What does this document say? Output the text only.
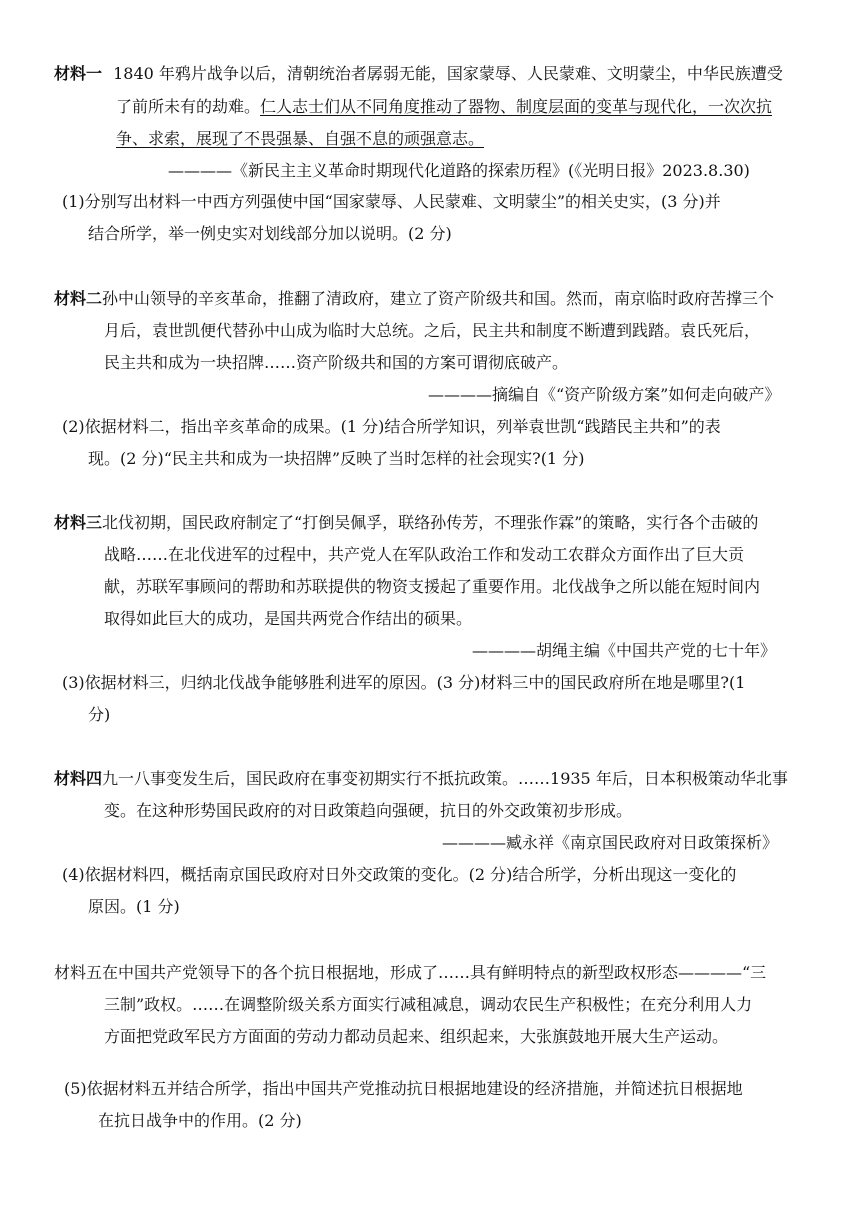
材料一 1840 年鸦片战争以后，清朝统治者孱弱无能，国家蒙辱、人民蒙难、文明蒙尘，中华民族遭受
了前所未有的劫难。仁人志士们从不同角度推动了器物、制度层面的变革与现代化，一次次抗
争、求索，展现了不畏强暴、自强不息的顽强意志。
————《新民主主义革命时期现代化道路的探索历程》(《光明日报》2023.8.30)
(1)分别写出材料一中西方列强使中国“国家蒙辱、人民蒙难、文明蒙尘”的相关史实，(3 分)并
结合所学，举一例史实对划线部分加以说明。(2 分)
材料二孙中山领导的辛亥革命，推翻了清政府，建立了资产阶级共和国。然而，南京临时政府苦撑三个
月后，袁世凯便代替孙中山成为临时大总统。之后，民主共和制度不断遭到践踏。袁氏死后，
民主共和成为一块招牌……资产阶级共和国的方案可谓彻底破产。
————摘编自《“资产阶级方案”如何走向破产》
(2)依据材料二，指出辛亥革命的成果。(1 分)结合所学知识，列举袁世凯“践踏民主共和”的表
现。(2 分)“民主共和成为一块招牌”反映了当时怎样的社会现实?(1 分)
材料三北伐初期，国民政府制定了“打倒吴佩孚，联络孙传芳，不理张作霖”的策略，实行各个击破的
战略……在北伐进军的过程中，共产党人在军队政治工作和发动工农群众方面作出了巨大贡
献，苏联军事顾问的帮助和苏联提供的物资支援起了重要作用。北伐战争之所以能在短时间内
取得如此巨大的成功，是国共两党合作结出的硕果。
————胡绳主编《中国共产党的七十年》
(3)依据材料三，归纳北伐战争能够胜利进军的原因。(3 分)材料三中的国民政府所在地是哪里?(1
分)
材料四九一八事变发生后，国民政府在事变初期实行不抵抗政策。……1935 年后，日本积极策动华北事
变。在这种形势国民政府的对日政策趋向强硬，抗日的外交政策初步形成。
————臧永祥《南京国民政府对日政策探析》
(4)依据材料四，概括南京国民政府对日外交政策的变化。(2 分)结合所学，分析出现这一变化的
原因。(1 分)
材料五在中国共产党领导下的各个抗日根据地，形成了……具有鲜明特点的新型政权形态————“三
三制”政权。……在调整阶级关系方面实行减租减息，调动农民生产积极性；在充分利用人力
方面把党政军民方方面面的劳动力都动员起来、组织起来，大张旗鼓地开展大生产运动。
(5)依据材料五并结合所学，指出中国共产党推动抗日根据地建设的经济措施，并简述抗日根据地
在抗日战争中的作用。(2 分)
